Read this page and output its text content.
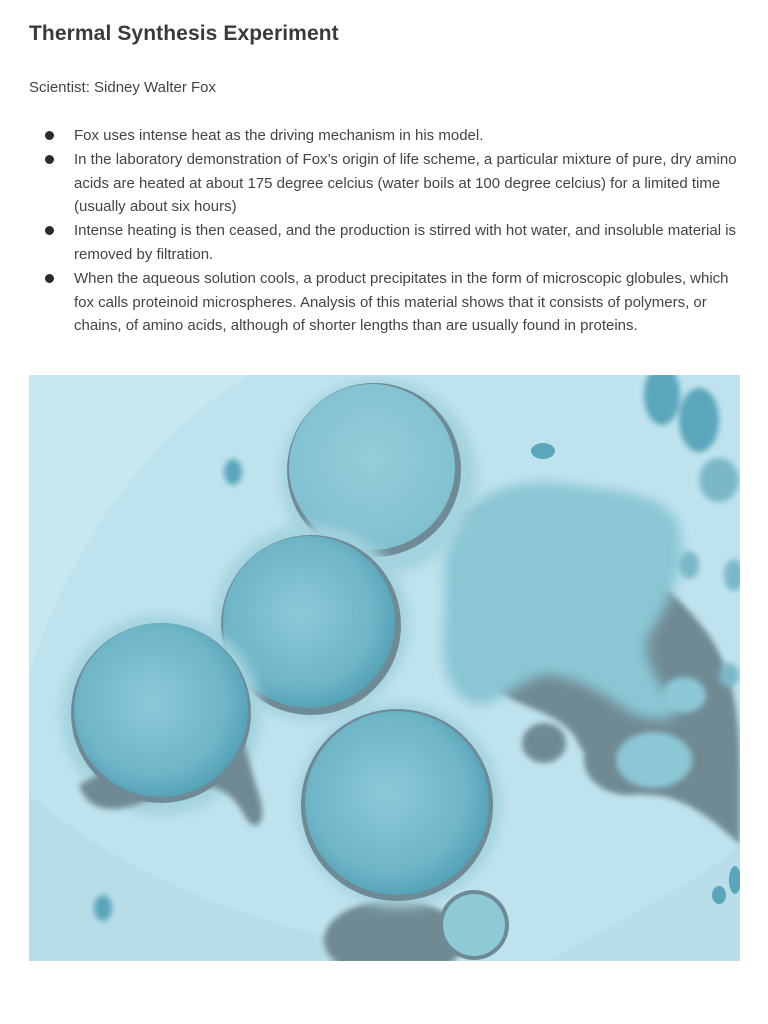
Thermal Synthesis Experiment
Scientist: Sidney Walter Fox
Fox uses intense heat as the driving mechanism in his model.
In the laboratory demonstration of Fox’s origin of life scheme, a particular mixture of pure, dry amino acids are heated at about 175 degree celcius (water boils at 100 degree celcius) for a limited time (usually about six hours)
Intense heating is then ceased, and the production is stirred with hot water, and insoluble material is removed by filtration.
When the aqueous solution cools, a product precipitates in the form of microscopic globules, which fox calls proteinoid microspheres. Analysis of this material shows that it consists of polymers, or chains, of amino acids, although of shorter lengths than are usually found in proteins.
